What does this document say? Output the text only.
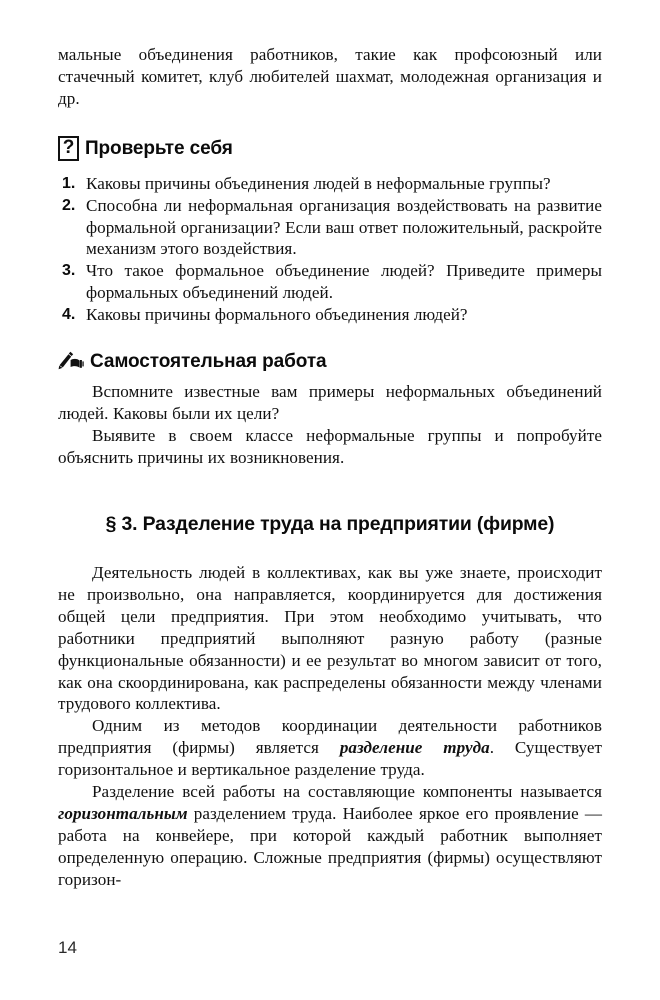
мальные объединения работников, такие как профсоюзный или стачечный комитет, клуб любителей шахмат, молодежная организация и др.

? Проверьте себя
1. Каковы причины объединения людей в неформальные группы?
2. Способна ли неформальная организация воздействовать на развитие формальной организации? Если ваш ответ положительный, раскройте механизм этого воздействия.
3. Что такое формальное объединение людей? Приведите примеры формальных объединений людей.
4. Каковы причины формального объединения людей?
Самостоятельная работа

Вспомните известные вам примеры неформальных объединений людей. Каковы были их цели?

Выявите в своем классе неформальные группы и попробуйте объяснить причины их возникновения.

§ 3. Разделение труда на предприятии (фирме)

Деятельность людей в коллективах, как вы уже знаете, происходит не произвольно, она направляется, координируется для достижения общей цели предприятия. При этом необходимо учитывать, что работники предприятий выполняют разную работу (разные функциональные обязанности) и ее результат во многом зависит от того, как она скоординирована, как распределены обязанности между членами трудового коллектива.

Одним из методов координации деятельности работников предприятия (фирмы) является разделение труда. Существует горизонтальное и вертикальное разделение труда.

Разделение всей работы на составляющие компоненты называется горизонтальным разделением труда. Наиболее яркое его проявление — работа на конвейере, при которой каждый работник выполняет определенную операцию. Сложные предприятия (фирмы) осуществляют горизон-

14
